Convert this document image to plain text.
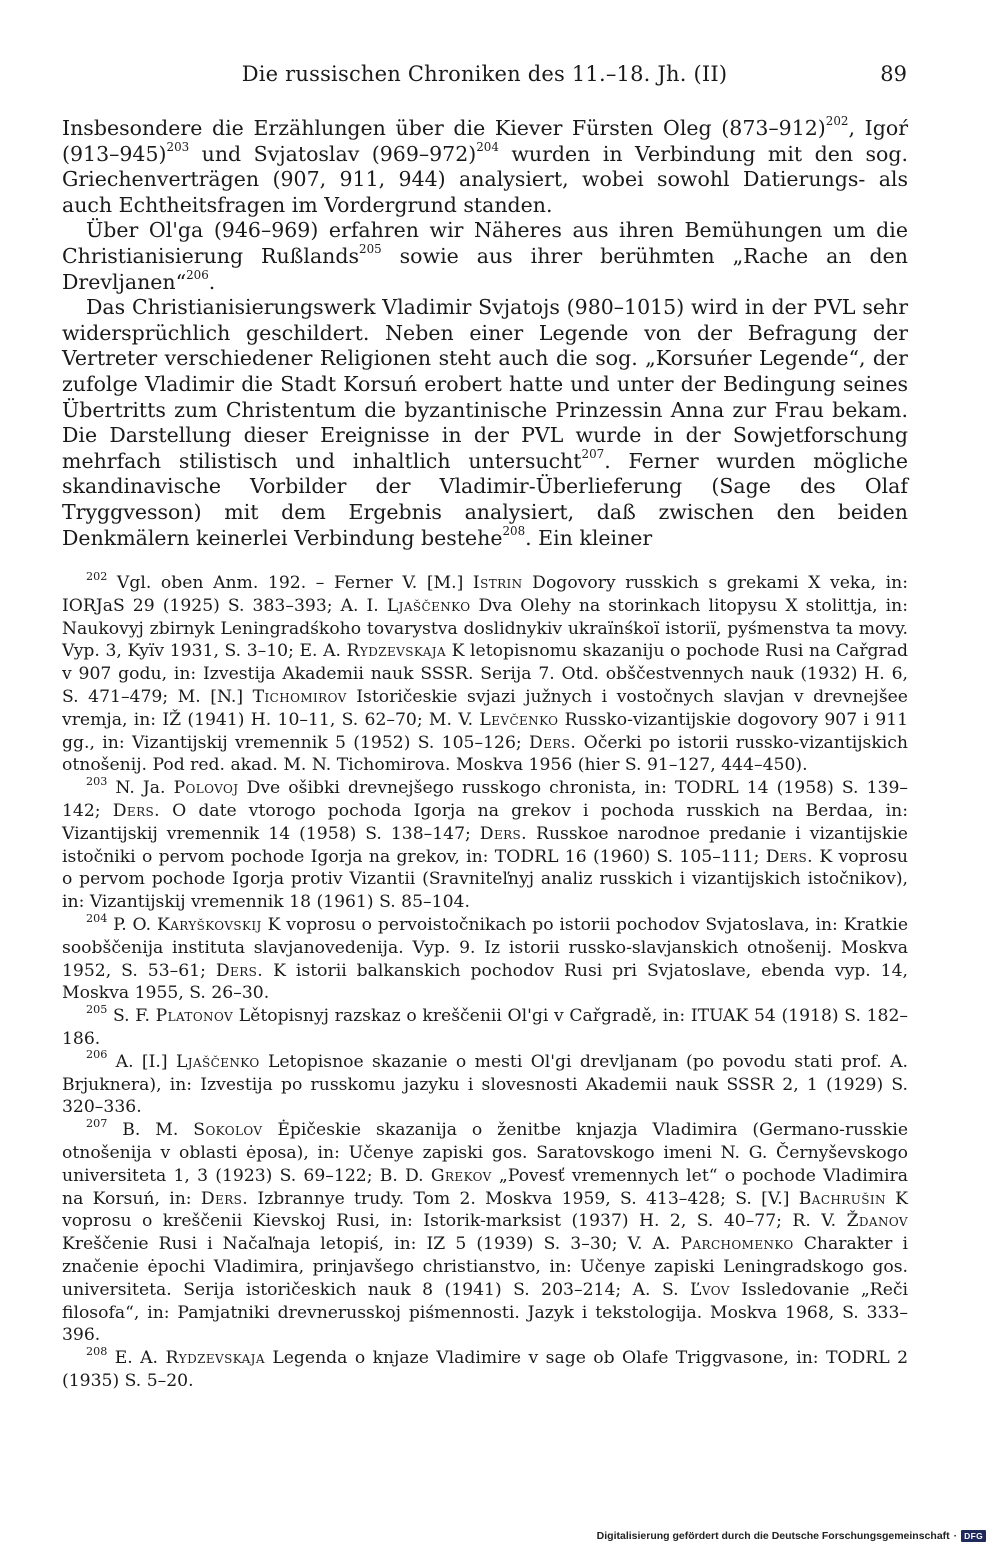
Die russischen Chroniken des 11.–18. Jh. (II)	89

Insbesondere die Erzählungen über die Kiever Fürsten Oleg $(873-912)^{202}$, Igoŕ $(913-945)^{203}$ und Svjatoslav $(969-972)^{204}$ wurden in Verbindung mit den sog. Griechenverträgen (907, 911, 944) analysiert, wobei sowohl Datierungs- als auch Echtheitsfragen im Vordergrund standen.

Über Ol'ga (946–969) erfahren wir Näheres aus ihren Bemühungen um die Christianisierung Rußlands$^{205}$ sowie aus ihrer berühmten „Rache an den Drevljanen“$^{206}$.

Das Christianisierungswerk Vladimir Svjatojs (980–1015) wird in der PVL sehr widersprüchlich geschildert. Neben einer Legende von der Befragung der Vertreter verschiedener Religionen steht auch die sog. „Korsuńer Legende“, der zufolge Vladimir die Stadt Korsuń erobert hatte und unter der Bedingung seines Übertritts zum Christentum die byzantinische Prinzessin Anna zur Frau bekam. Die Darstellung dieser Ereignisse in der PVL wurde in der Sowjetforschung mehrfach stilistisch und inhaltlich untersucht$^{207}$. Ferner wurden mögliche skandinavische Vorbilder der Vladimir-Überlieferung (Sage des Olaf Tryggvesson) mit dem Ergebnis analysiert, daß zwischen den beiden Denkmälern keinerlei Verbindung bestehe$^{208}$. Ein kleiner

$^{202}$ Vgl. oben Anm. 192. – Ferner V. [M.] Istrin Dogovory russkich s grekami X veka, in: IORJaS 29 (1925) S. 383–393; A. I. Ljaščenko Dva Olehy na storinkach litopysu X stolittja, in: Naukovyj zbirnyk Leningradśkoho tovarystva doslidnykiv ukraïnśkoï istoriï, pyśmenstva ta movy. Vyp. 3, Kyïv 1931, S. 3–10; E. A. Rydzevskaja K letopisnomu skazaniju o pochode Rusi na Cařgrad v 907 godu, in: Izvestija Akademii nauk SSSR. Serija 7. Otd. obščestvennych nauk (1932) H. 6, S. 471–479; M. [N.] Tichomirov Istoričeskie svjazi južnych i vostočnych slavjan v drevnejšee vremja, in: IŽ (1941) H. 10–11, S. 62–70; M. V. Levčenko Russko-vizantijskie dogovory 907 i 911 gg., in: Vizantijskij vremennik 5 (1952) S. 105–126; Ders. Očerki po istorii russko-vizantijskich otnošenij. Pod red. akad. M. N. Tichomirova. Moskva 1956 (hier S. 91–127, 444–450).

$^{203}$ N. Ja. Polovoj Dve ošibki drevnejšego russkogo chronista, in: TODRL 14 (1958) S. 139–142; Ders. O date vtorogo pochoda Igorja na grekov i pochoda russkich na Berdaa, in: Vizantijskij vremennik 14 (1958) S. 138–147; Ders. Russkoe narodnoe predanie i vizantijskie istočniki o pervom pochode Igorja na grekov, in: TODRL 16 (1960) S. 105–111; Ders. K voprosu o pervom pochode Igorja protiv Vizantii (Sravniteľnyj analiz russkich i vizantijskich istočnikov), in: Vizantijskij vremennik 18 (1961) S. 85–104.

$^{204}$ P. O. Karyškovskij K voprosu o pervoistočnikach po istorii pochodov Svjatoslava, in: Kratkie soobščenija instituta slavjanovedenija. Vyp. 9. Iz istorii russko-slavjanskich otnošenij. Moskva 1952, S. 53–61; Ders. K istorii balkanskich pochodov Rusi pri Svjatoslave, ebenda vyp. 14, Moskva 1955, S. 26–30.

$^{205}$ S. F. Platonov Lětopisnyj razskaz o kreščenii Ol'gi v Cařgradě, in: ITUAK 54 (1918) S. 182–186.

$^{206}$ A. [I.] Ljaščenko Letopisnoe skazanie o mesti Ol'gi drevljanam (po povodu stati prof. A. Brjuknera), in: Izvestija po russkomu jazyku i slovesnosti Akademii nauk SSSR 2, 1 (1929) S. 320–336.

$^{207}$ B. M. Sokolov Ėpičeskie skazanija o ženitbe knjazja Vladimira (Germano-russkie otnošenija v oblasti ėposa), in: Učenye zapiski gos. Saratovskogo imeni N. G. Černyševskogo universiteta 1, 3 (1923) S. 69–122; B. D. Grekov „Povesť vremennych let“ o pochode Vladimira na Korsuń, in: Ders. Izbrannye trudy. Tom 2. Moskva 1959, S. 413–428; S. [V.] Bachrušin K voprosu o kreščenii Kievskoj Rusi, in: Istorik-marksist (1937) H. 2, S. 40–77; R. V. Ždanov Kreščenie Rusi i Načaľnaja letopiś, in: IZ 5 (1939) S. 3–30; V. A. Parchomenko Charakter i značenie ėpochi Vladimira, prinjavšego christianstvo, in: Učenye zapiski Leningradskogo gos. universiteta. Serija istoričeskich nauk 8 (1941) S. 203–214; A. S. Ľvov Issledovanie „Reči filosofa“, in: Pamjatniki drevnerusskoj piśmennosti. Jazyk i tekstologija. Moskva 1968, S. 333–396.

$^{208}$ E. A. Rydzevskaja Legenda o knjaze Vladimire v sage ob Olafe Triggvasone, in: TODRL 2 (1935) S. 5–20.

Digitalisierung gefördert durch die Deutsche Forschungsgemeinschaft · DFG
